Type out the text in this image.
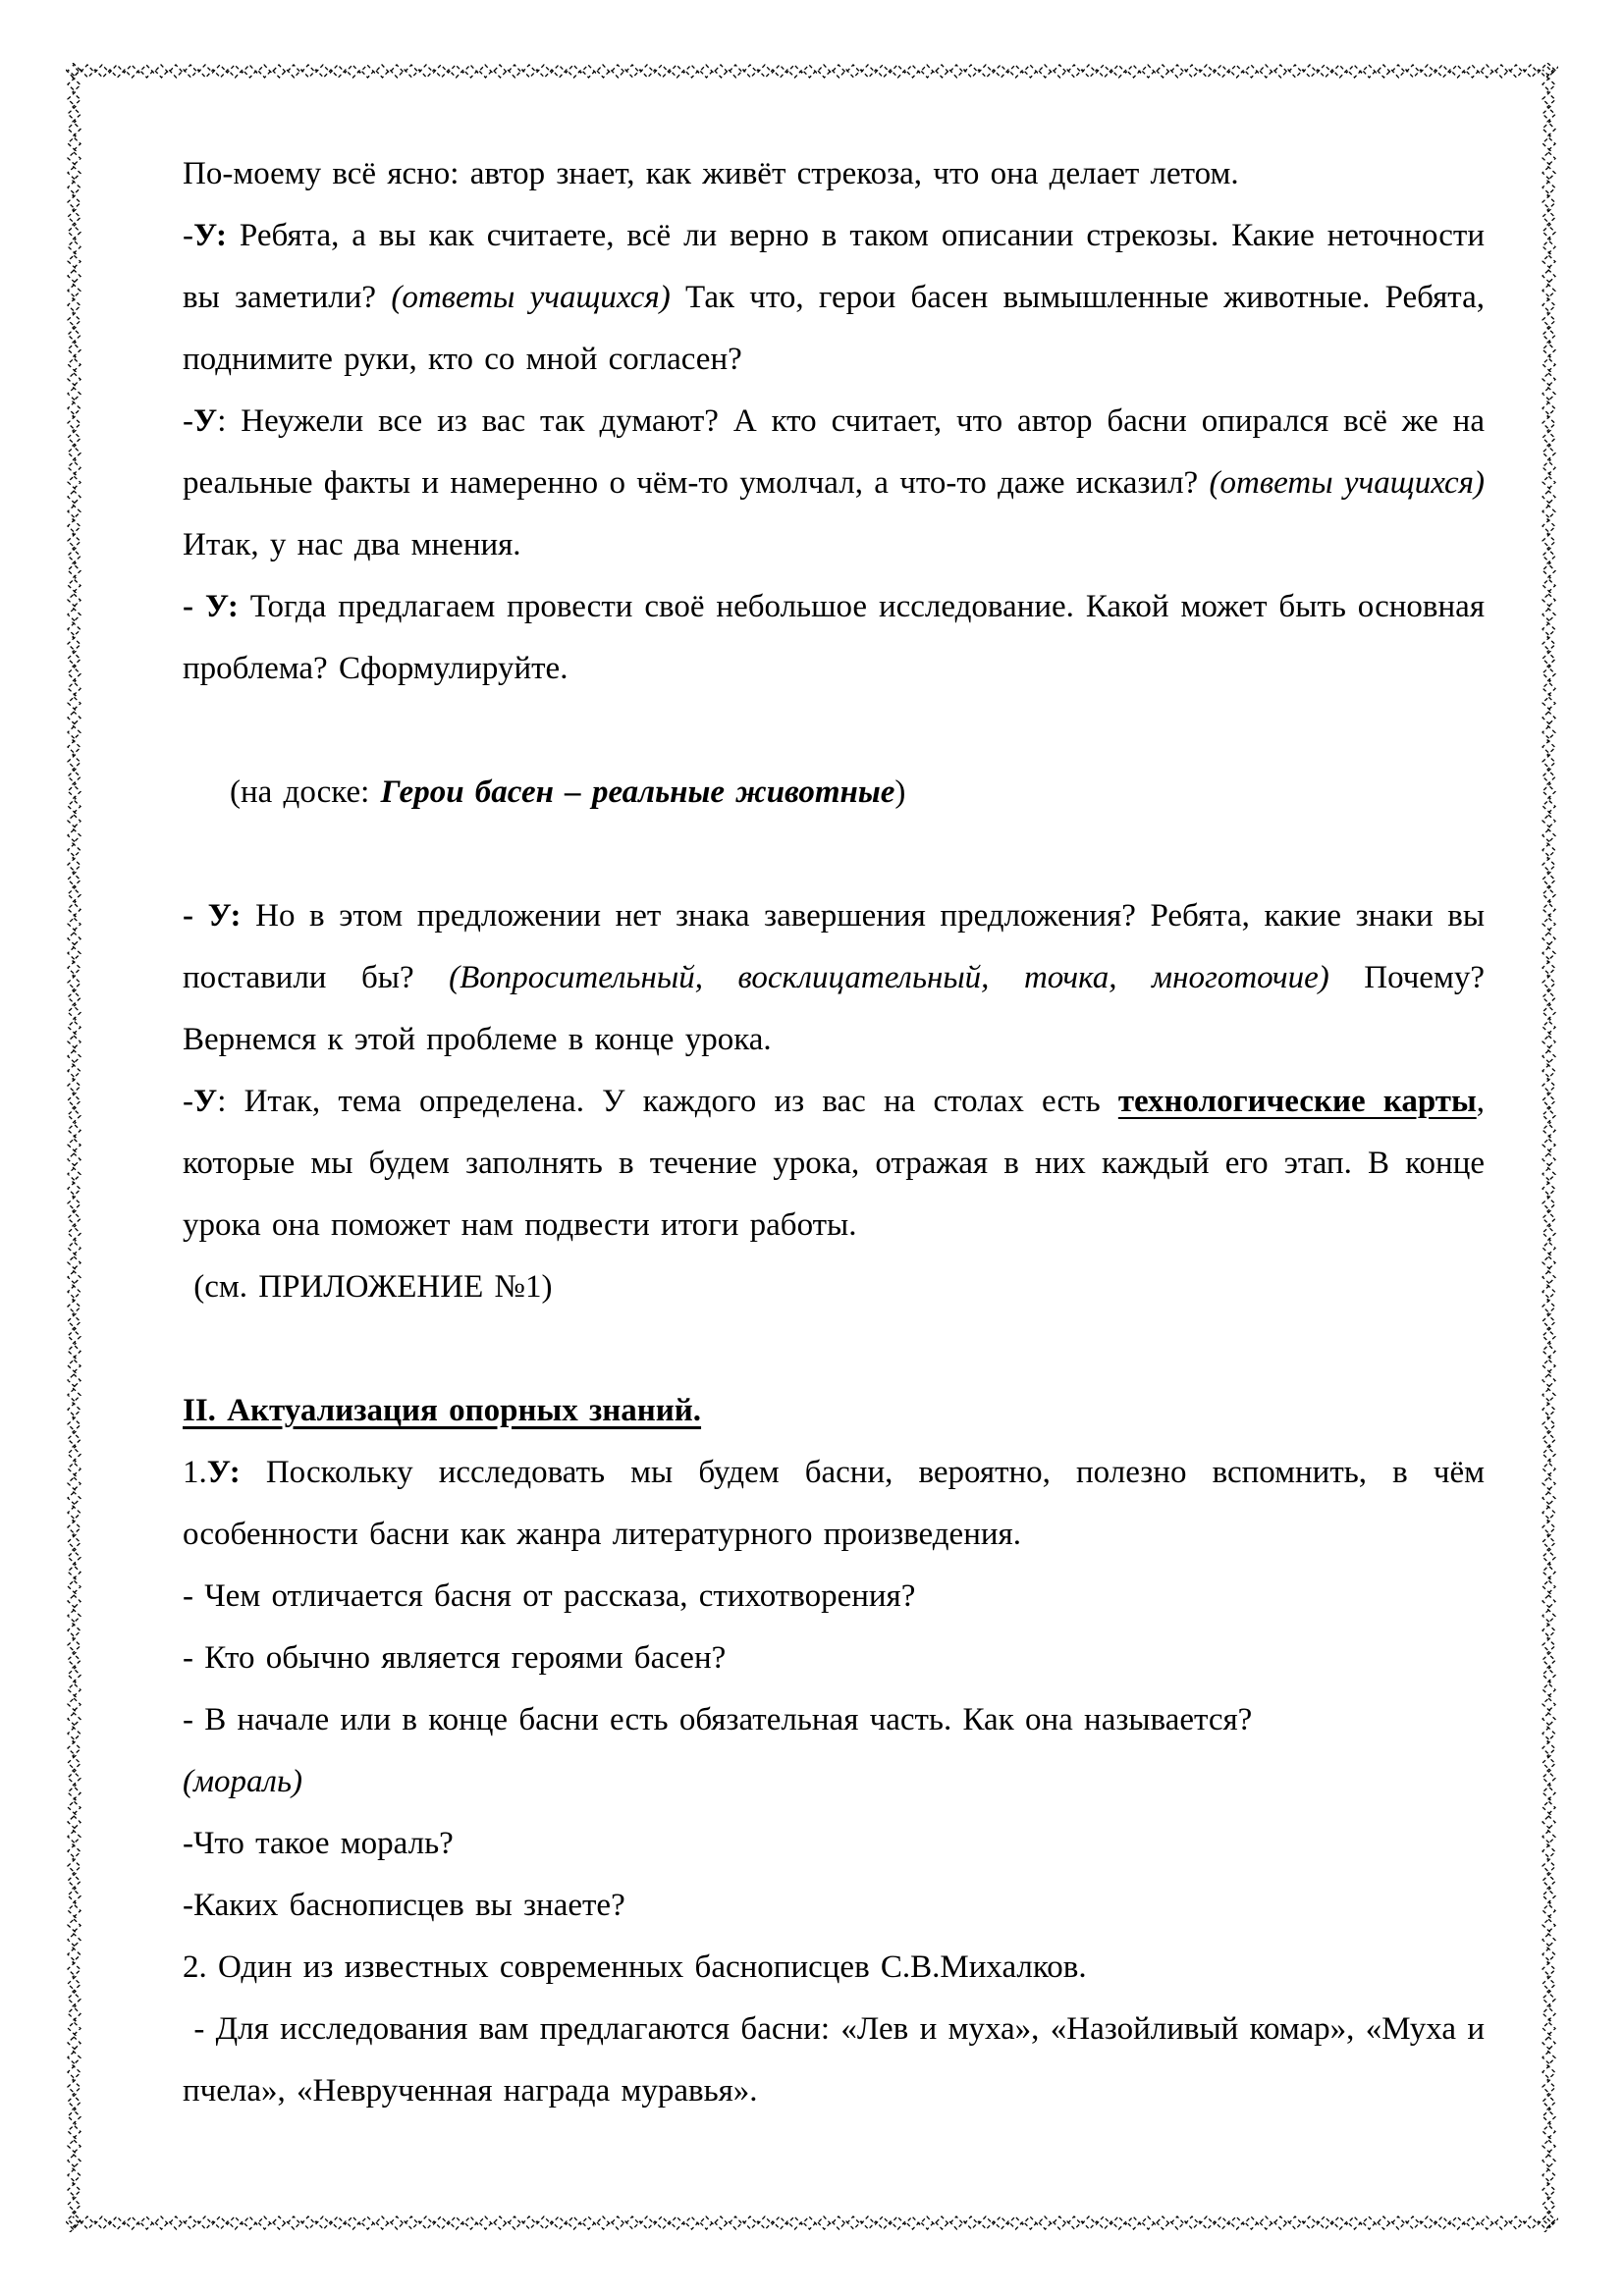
По-моему всё ясно: автор знает, как живёт стрекоза, что она делает летом.
-У: Ребята, а вы как считаете, всё ли верно в таком описании стрекозы. Какие неточности вы заметили? (ответы учащихся) Так что, герои басен вымышленные животные. Ребята, поднимите руки, кто со мной согласен?
-У: Неужели все из вас так думают? А кто считает, что автор басни опирался всё же на реальные факты и намеренно о чём-то умолчал, а что-то даже исказил? (ответы учащихся) Итак, у нас два мнения.
- У: Тогда предлагаем провести своё небольшое исследование. Какой может быть основная проблема? Сформулируйте.

(на доске: Герои басен – реальные животные)

- У: Но в этом предложении нет знака завершения предложения? Ребята, какие знаки вы поставили бы? (Вопросительный, восклицательный, точка, многоточие) Почему? Вернемся к этой проблеме в конце урока.
-У: Итак, тема определена. У каждого из вас на столах есть технологические карты, которые мы будем заполнять в течение урока, отражая в них каждый его этап. В конце урока она поможет нам подвести итоги работы.
(см. ПРИЛОЖЕНИЕ №1)

II. Актуализация опорных знаний.
1.У: Поскольку исследовать мы будем басни, вероятно, полезно вспомнить, в чём особенности басни как жанра литературного произведения.
- Чем отличается басня от рассказа, стихотворения?
- Кто обычно является героями басен?
- В начале или в конце басни есть обязательная часть. Как она называется?
(мораль)
-Что такое мораль?
-Каких баснописцев вы знаете?
2. Один из известных современных баснописцев С.В.Михалков.
- Для исследования вам предлагаются басни: «Лев и муха», «Назойливый комар», «Муха и пчела», «Неврученная награда муравья».
